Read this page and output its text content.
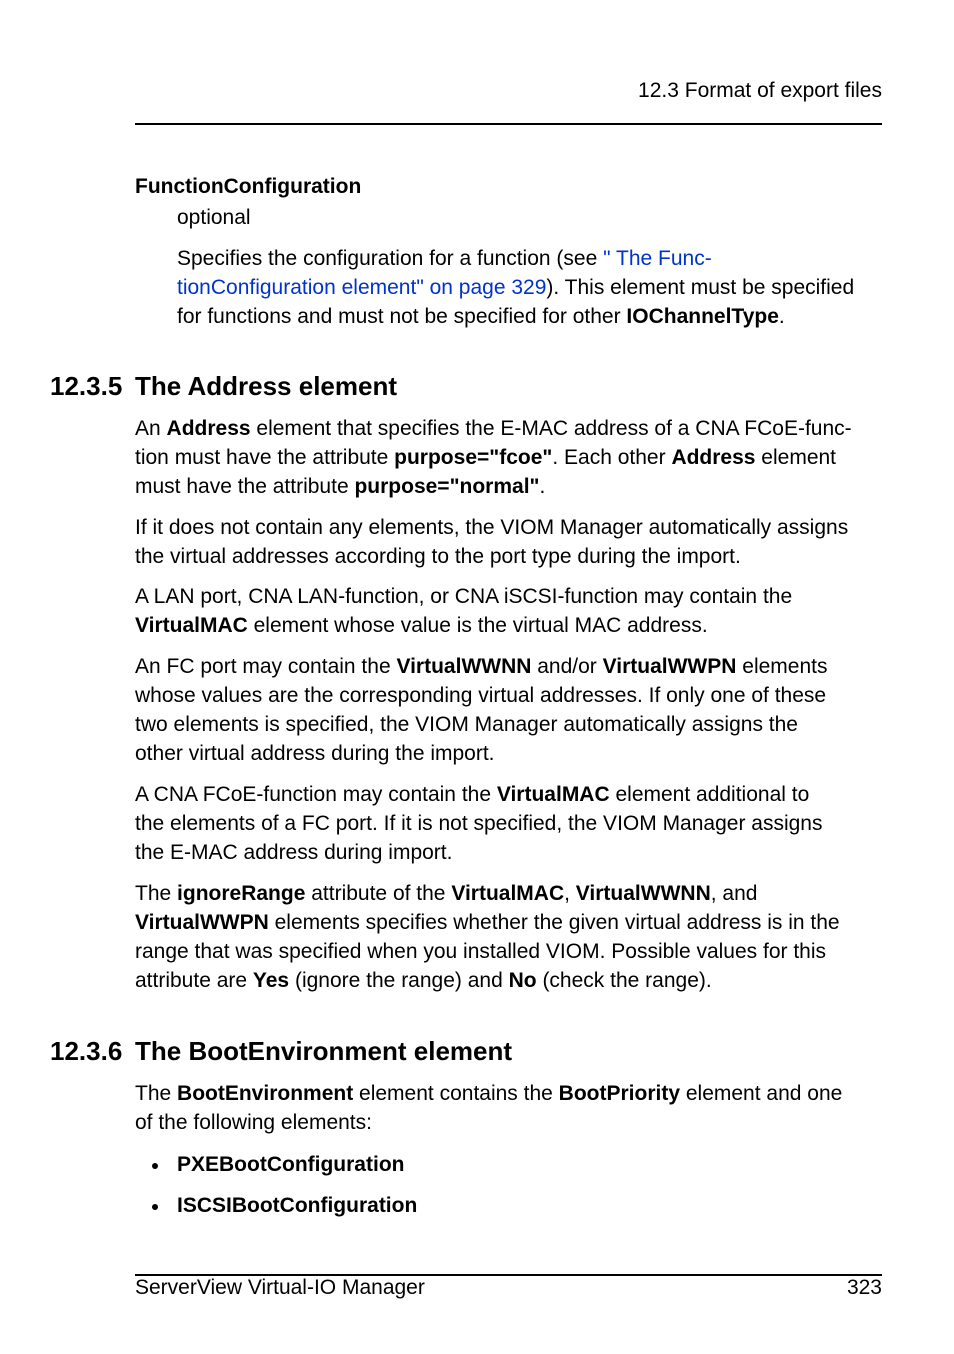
12.3 Format of export files
FunctionConfiguration
optional
Specifies the configuration for a function (see " The Func-
tionConfiguration element" on page 329). This element must be specified
for functions and must not be specified for other IOChannelType.
12.3.5 The Address element
An Address element that specifies the E-MAC address of a CNA FCoE-func-
tion must have the attribute purpose="fcoe". Each other Address element
must have the attribute purpose="normal".
If it does not contain any elements, the VIOM Manager automatically assigns
the virtual addresses according to the port type during the import.
A LAN port, CNA LAN-function, or CNA iSCSI-function may contain the
VirtualMAC element whose value is the virtual MAC address.
An FC port may contain the VirtualWWNN and/or VirtualWWPN elements
whose values are the corresponding virtual addresses. If only one of these
two elements is specified, the VIOM Manager automatically assigns the
other virtual address during the import.
A CNA FCoE-function may contain the VirtualMAC element additional to
the elements of a FC port. If it is not specified, the VIOM Manager assigns
the E-MAC address during import.
The ignoreRange attribute of the VirtualMAC, VirtualWWNN, and
VirtualWWPN elements specifies whether the given virtual address is in the
range that was specified when you installed VIOM. Possible values for this
attribute are Yes (ignore the range) and No (check the range).
12.3.6 The BootEnvironment element
The BootEnvironment element contains the BootPriority element and one
of the following elements:
PXEBootConfiguration
ISCSIBootConfiguration
ServerView Virtual-IO Manager	323
